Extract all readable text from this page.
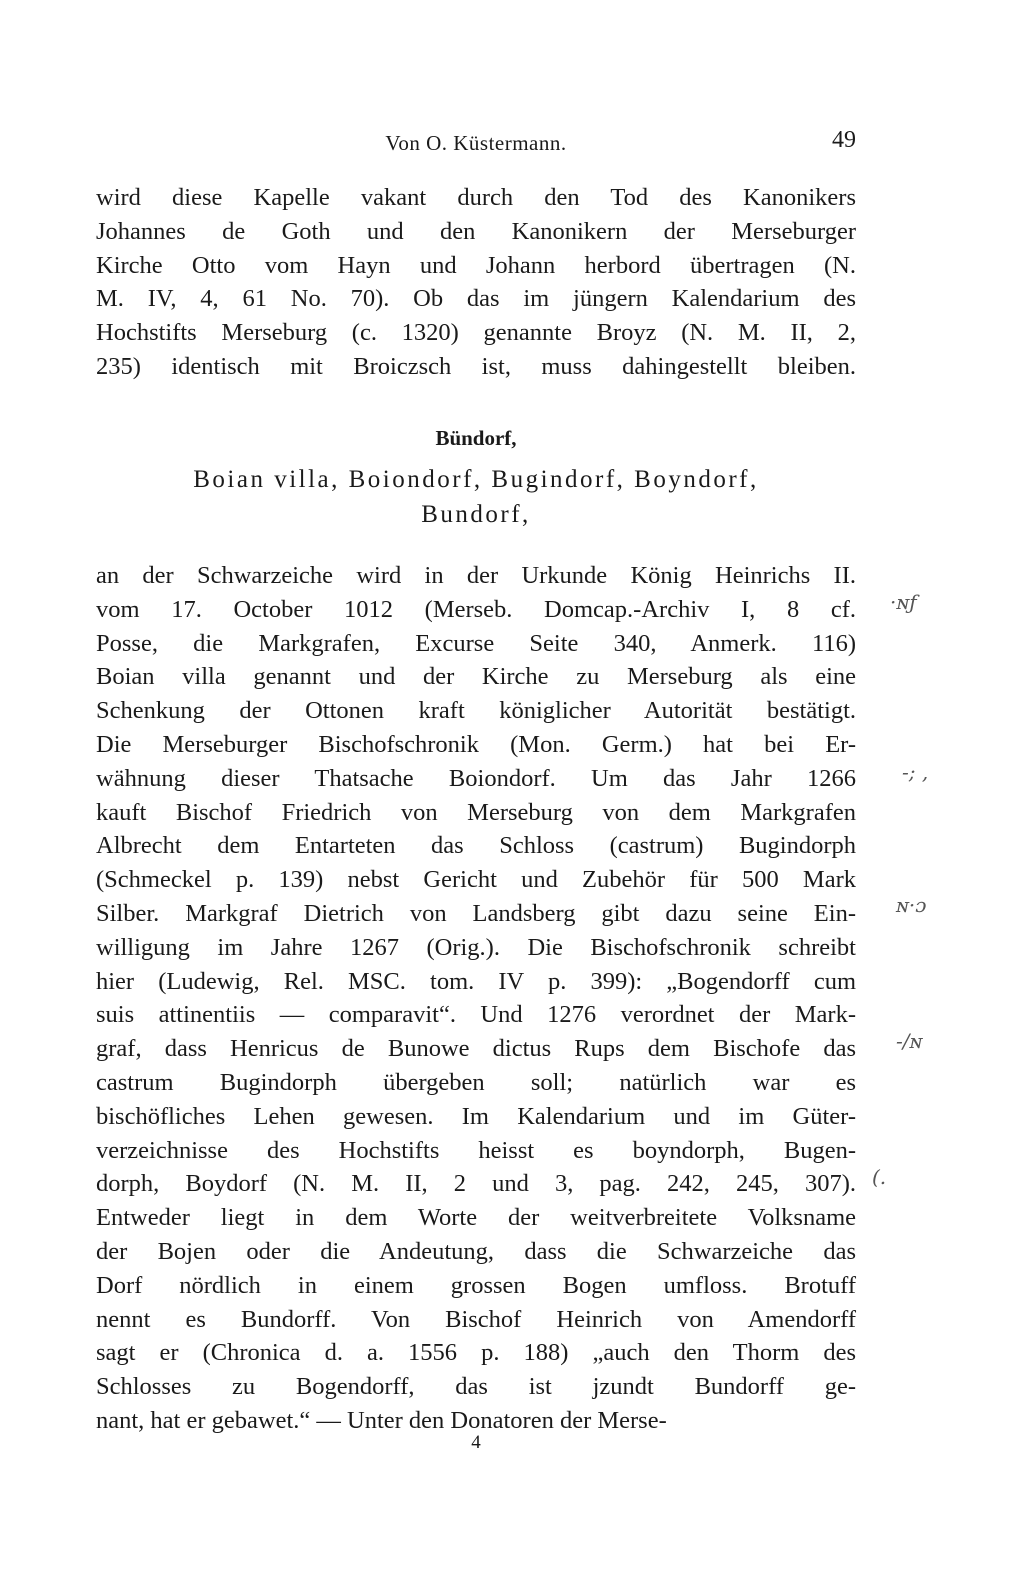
Von O. Küstermann.	49
wird diese Kapelle vakant durch den Tod des Kanonikers
Johannes de Goth und den Kanonikern der Merseburger
Kirche Otto vom Hayn und Johann herbord übertragen (N.
M. IV, 4, 61 No. 70). Ob das im jüngern Kalendarium des
Hochstifts Merseburg (c. 1320) genannte Broyz (N. M. II, 2,
235) identisch mit Broiczsch ist, muss dahingestellt bleiben.
Bündorf,
Boian villa, Boiondorf, Bugindorf, Boyndorf,
Bundorf,
an der Schwarzeiche wird in der Urkunde König Heinrichs II.
vom 17. October 1012 (Merseb. Domcap.-Archiv I, 8 cf.
Posse, die Markgrafen, Excurse Seite 340, Anmerk. 116)
Boian villa genannt und der Kirche zu Merseburg als eine
Schenkung der Ottonen kraft königlicher Autorität bestätigt.
Die Merseburger Bischofschronik (Mon. Germ.) hat bei Er-
wähnung dieser Thatsache Boiondorf. Um das Jahr 1266
kauft Bischof Friedrich von Merseburg von dem Markgrafen
Albrecht dem Entarteten das Schloss (castrum) Bugindorph
(Schmeckel p. 139) nebst Gericht und Zubehör für 500 Mark
Silber. Markgraf Dietrich von Landsberg gibt dazu seine Ein-
willigung im Jahre 1267 (Orig.). Die Bischofschronik schreibt
hier (Ludewig, Rel. MSC. tom. IV p. 399): „Bogendorff cum
suis attinentiis — comparavit“. Und 1276 verordnet der Mark-
graf, dass Henricus de Bunowe dictus Rups dem Bischofe das
castrum Bugindorph übergeben soll; natürlich war es
bischöfliches Lehen gewesen. Im Kalendarium und im Güter-
verzeichnisse des Hochstifts heisst es boyndorph, Bugen-
dorph, Boydorf (N. M. II, 2 und 3, pag. 242, 245, 307).
Entweder liegt in dem Worte der weitverbreitete Volksname
der Bojen oder die Andeutung, dass die Schwarzeiche das
Dorf nördlich in einem grossen Bogen umfloss. Brotuff
nennt es Bundorff. Von Bischof Heinrich von Amendorff
sagt er (Chronica d. a. 1556 p. 188) „auch den Thorm des
Schlosses zu Bogendorff, das ist jzundt Bundorff ge-
nant, hat er gebawet.“ — Unter den Donatoren der Merse-
4
·ɴƒ
-; ,
ɴ·ɔ
-/ɴ
(.
